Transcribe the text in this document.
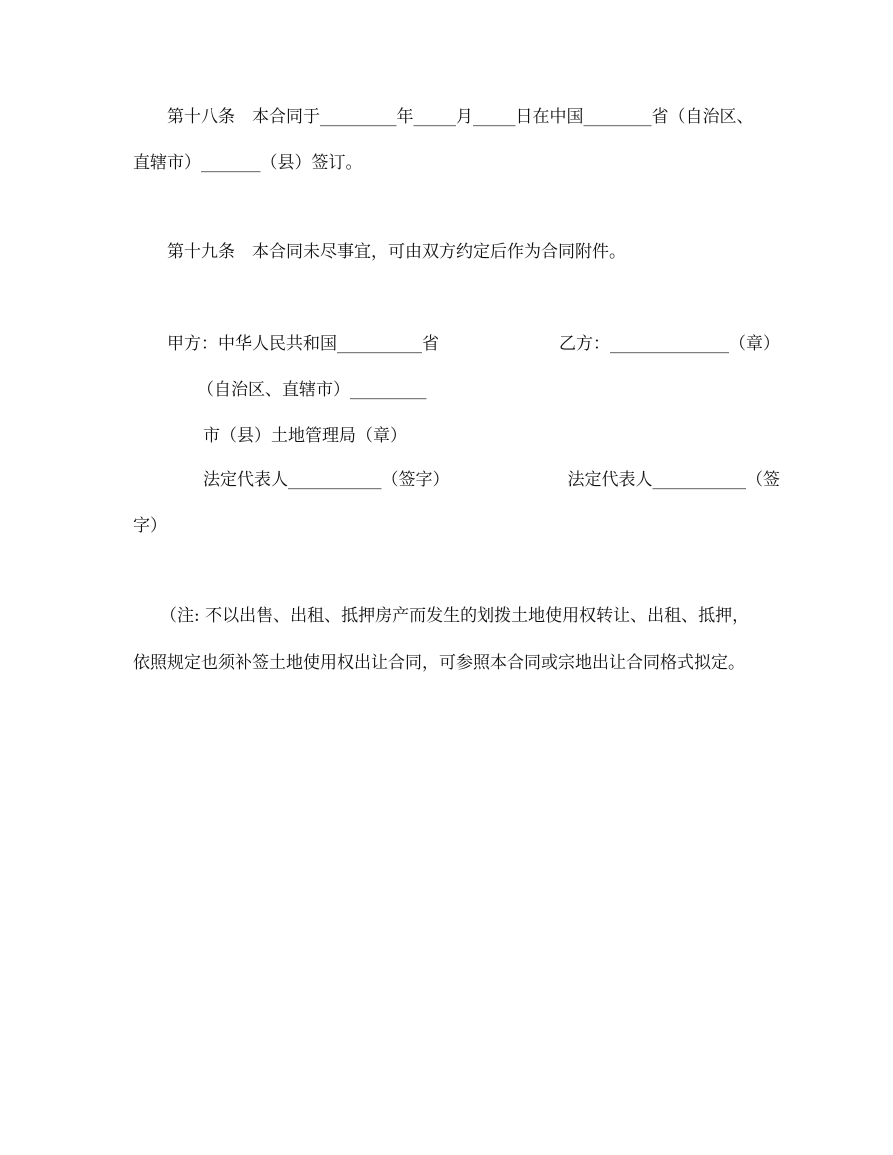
第十八条　本合同于_________年_____月_____日在中国________省（自治区、
直辖市）_______（县）签订。
第十九条　本合同未尽事宜，可由双方约定后作为合同附件。
甲方：中华人民共和国__________省	乙方：______________（章）
（自治区、直辖市）_________
市（县）土地管理局（章）
法定代表人___________（签字）	法定代表人___________（签
字）
（注: 不以出售、出租、抵押房产而发生的划拨土地使用权转让、出租、抵押，
依照规定也须补签土地使用权出让合同，可参照本合同或宗地出让合同格式拟定。
